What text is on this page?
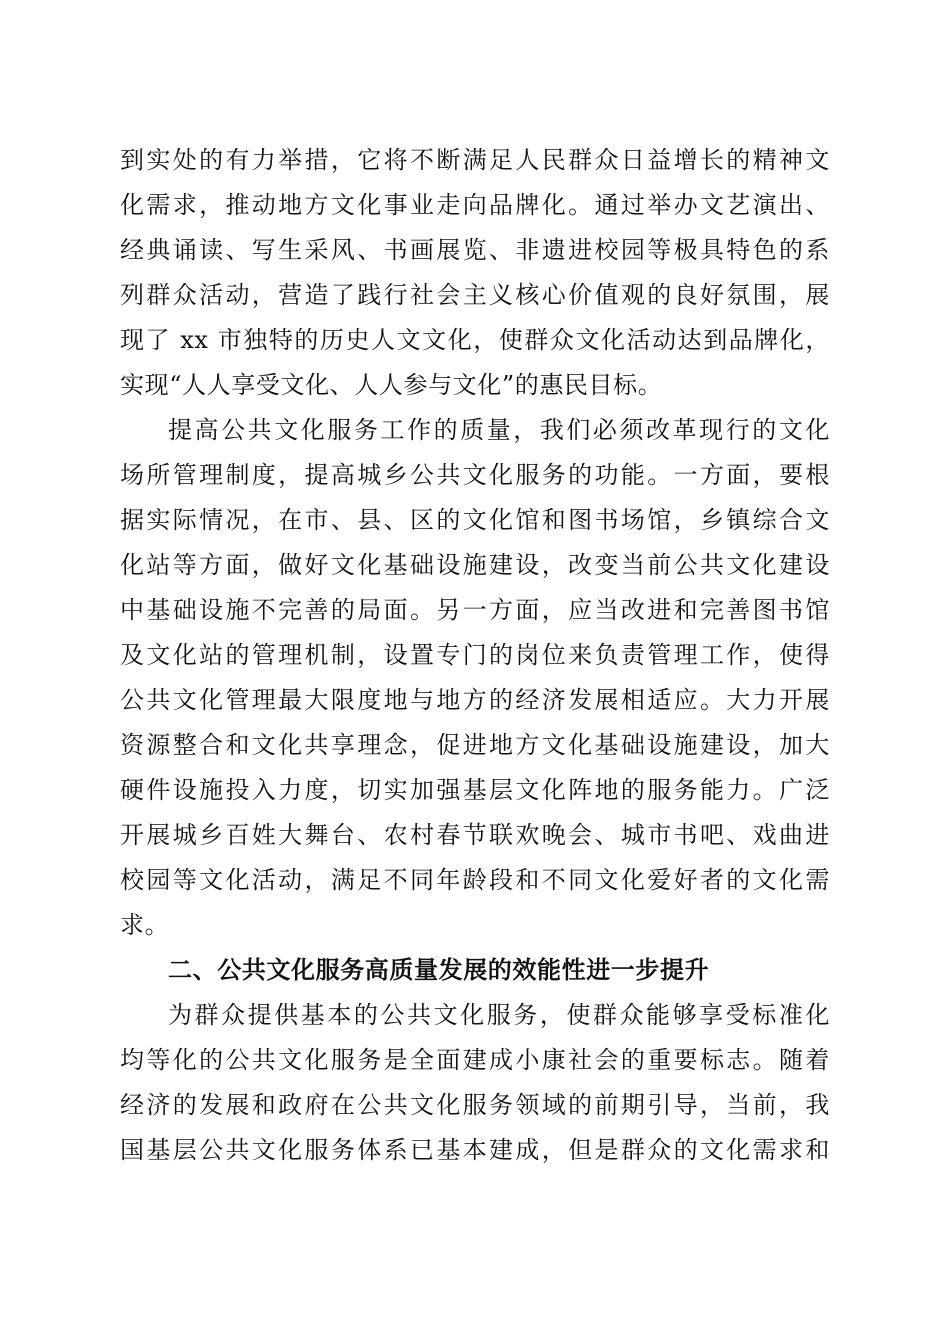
到实处的有力举措，它将不断满足人民群众日益增长的精神文
化需求，推动地方文化事业走向品牌化。通过举办文艺演出、
经典诵读、写生采风、书画展览、非遗进校园等极具特色的系
列群众活动，营造了践行社会主义核心价值观的良好氛围，展
现了 xx 市独特的历史人文文化，使群众文化活动达到品牌化，
实现“人人享受文化、人人参与文化”的惠民目标。
提高公共文化服务工作的质量，我们必须改革现行的文化
场所管理制度，提高城乡公共文化服务的功能。一方面，要根
据实际情况，在市、县、区的文化馆和图书场馆，乡镇综合文
化站等方面，做好文化基础设施建设，改变当前公共文化建设
中基础设施不完善的局面。另一方面，应当改进和完善图书馆
及文化站的管理机制，设置专门的岗位来负责管理工作，使得
公共文化管理最大限度地与地方的经济发展相适应。大力开展
资源整合和文化共享理念，促进地方文化基础设施建设，加大
硬件设施投入力度，切实加强基层文化阵地的服务能力。广泛
开展城乡百姓大舞台、农村春节联欢晚会、城市书吧、戏曲进
校园等文化活动，满足不同年龄段和不同文化爱好者的文化需
求。
二、公共文化服务高质量发展的效能性进一步提升
为群众提供基本的公共文化服务，使群众能够享受标准化
均等化的公共文化服务是全面建成小康社会的重要标志。随着
经济的发展和政府在公共文化服务领域的前期引导，当前，我
国基层公共文化服务体系已基本建成，但是群众的文化需求和
